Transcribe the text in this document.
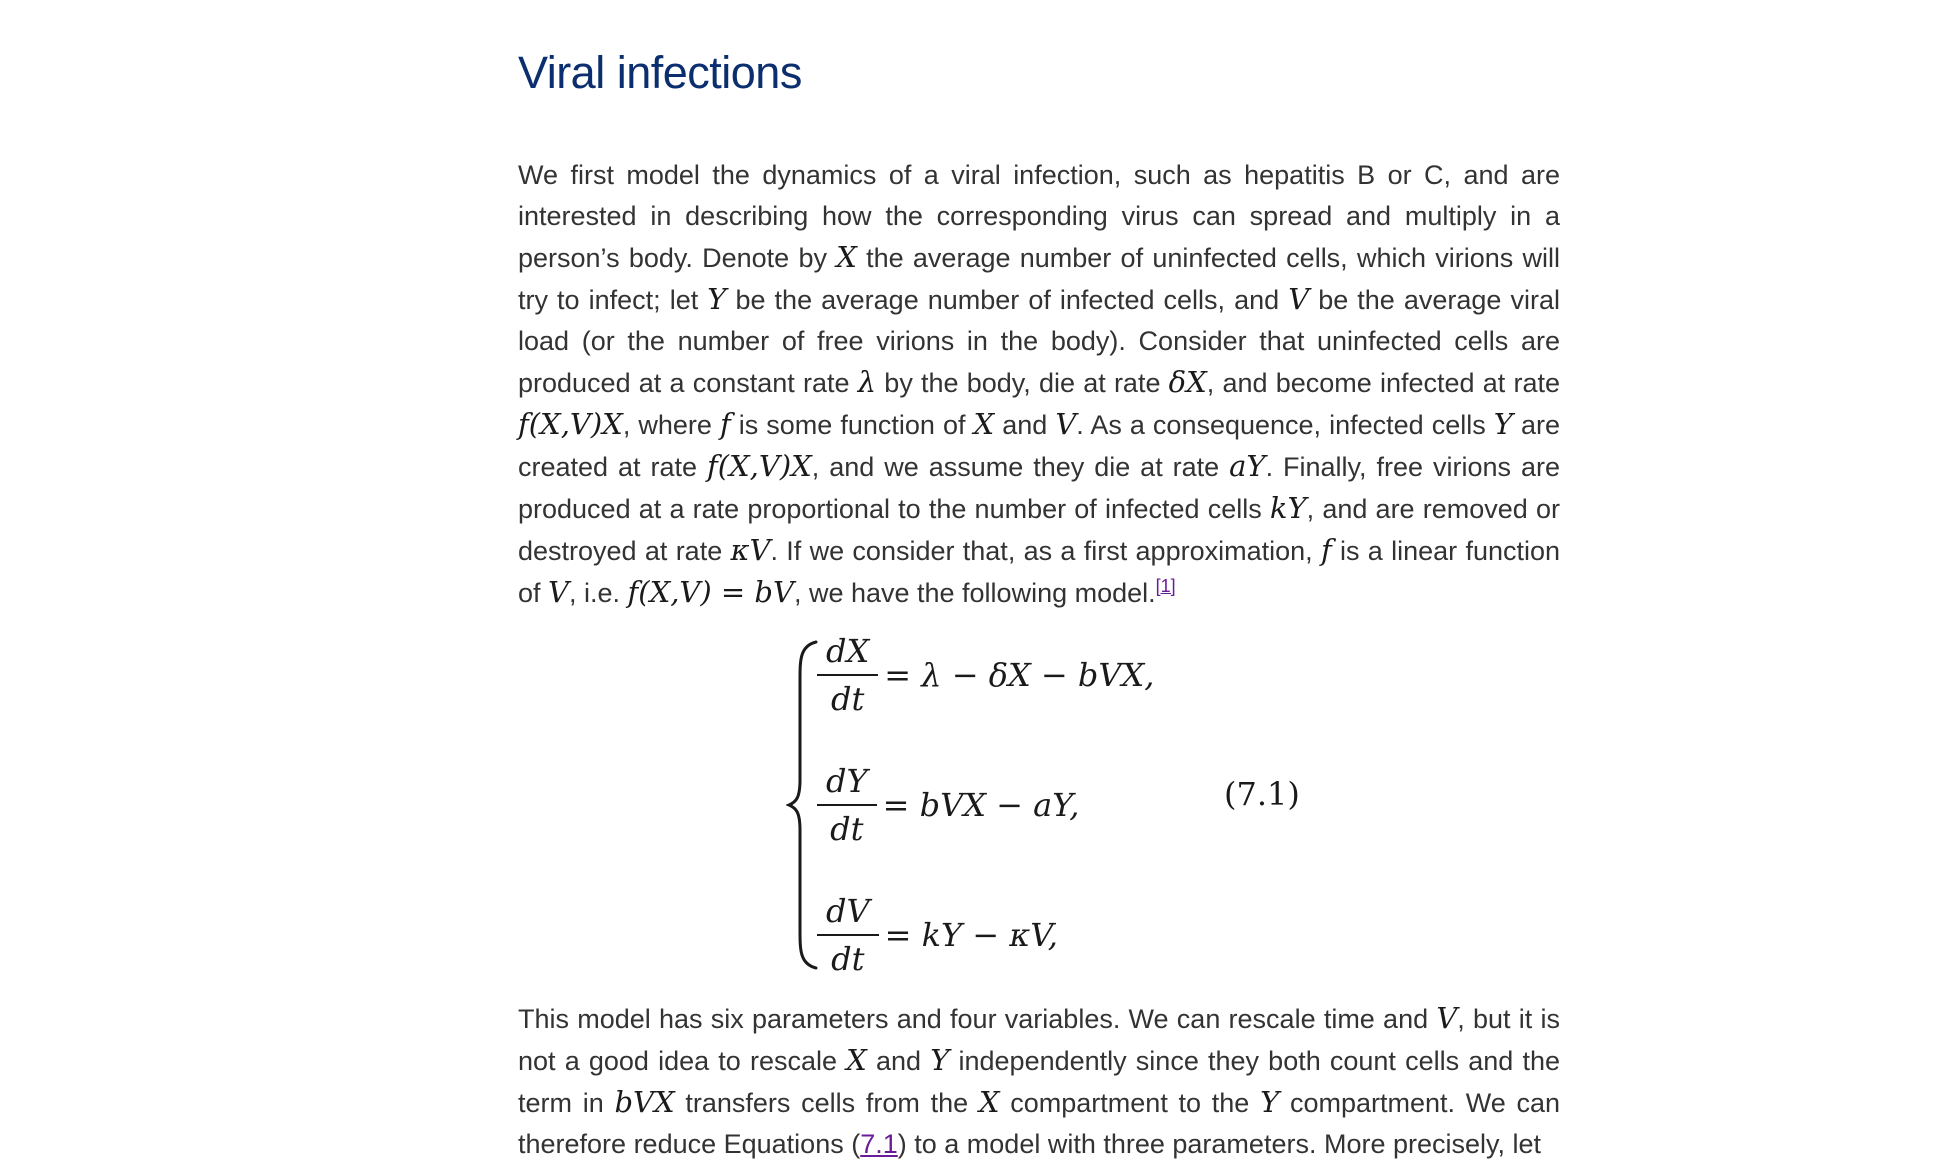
Viral infections

We first model the dynamics of a viral infection, such as hepatitis B or C, and are interested in describing how the corresponding virus can spread and multiply in a person’s body. Denote by X the average number of uninfected cells, which virions will try to infect; let Y be the average number of infected cells, and V be the average viral load (or the number of free virions in the body). Consider that uninfected cells are produced at a constant rate λ by the body, die at rate δX, and become infected at rate f(X,V)X, where f is some function of X and V. As a consequence, infected cells Y are created at rate f(X,V)X, and we assume they die at rate aY. Finally, free virions are produced at a rate proportional to the number of infected cells kY, and are removed or destroyed at rate κV. If we consider that, as a first approximation, f is a linear function of V, i.e. f(X,V) = bV, we have the following model.[1]

$\frac{dX}{dt} = \lambda - \delta X$ − bVX,
$\frac{dY}{dt}$ = bVX − aY,
$\frac{dV}{dt}$ = kY − κV,
(7.1)

This model has six parameters and four variables. We can rescale time and V, but it is not a good idea to rescale X and Y independently since they both count cells and the term in bVX transfers cells from the X compartment to the Y compartment. We can therefore reduce Equations (7.1) to a model with three parameters. More precisely, let
